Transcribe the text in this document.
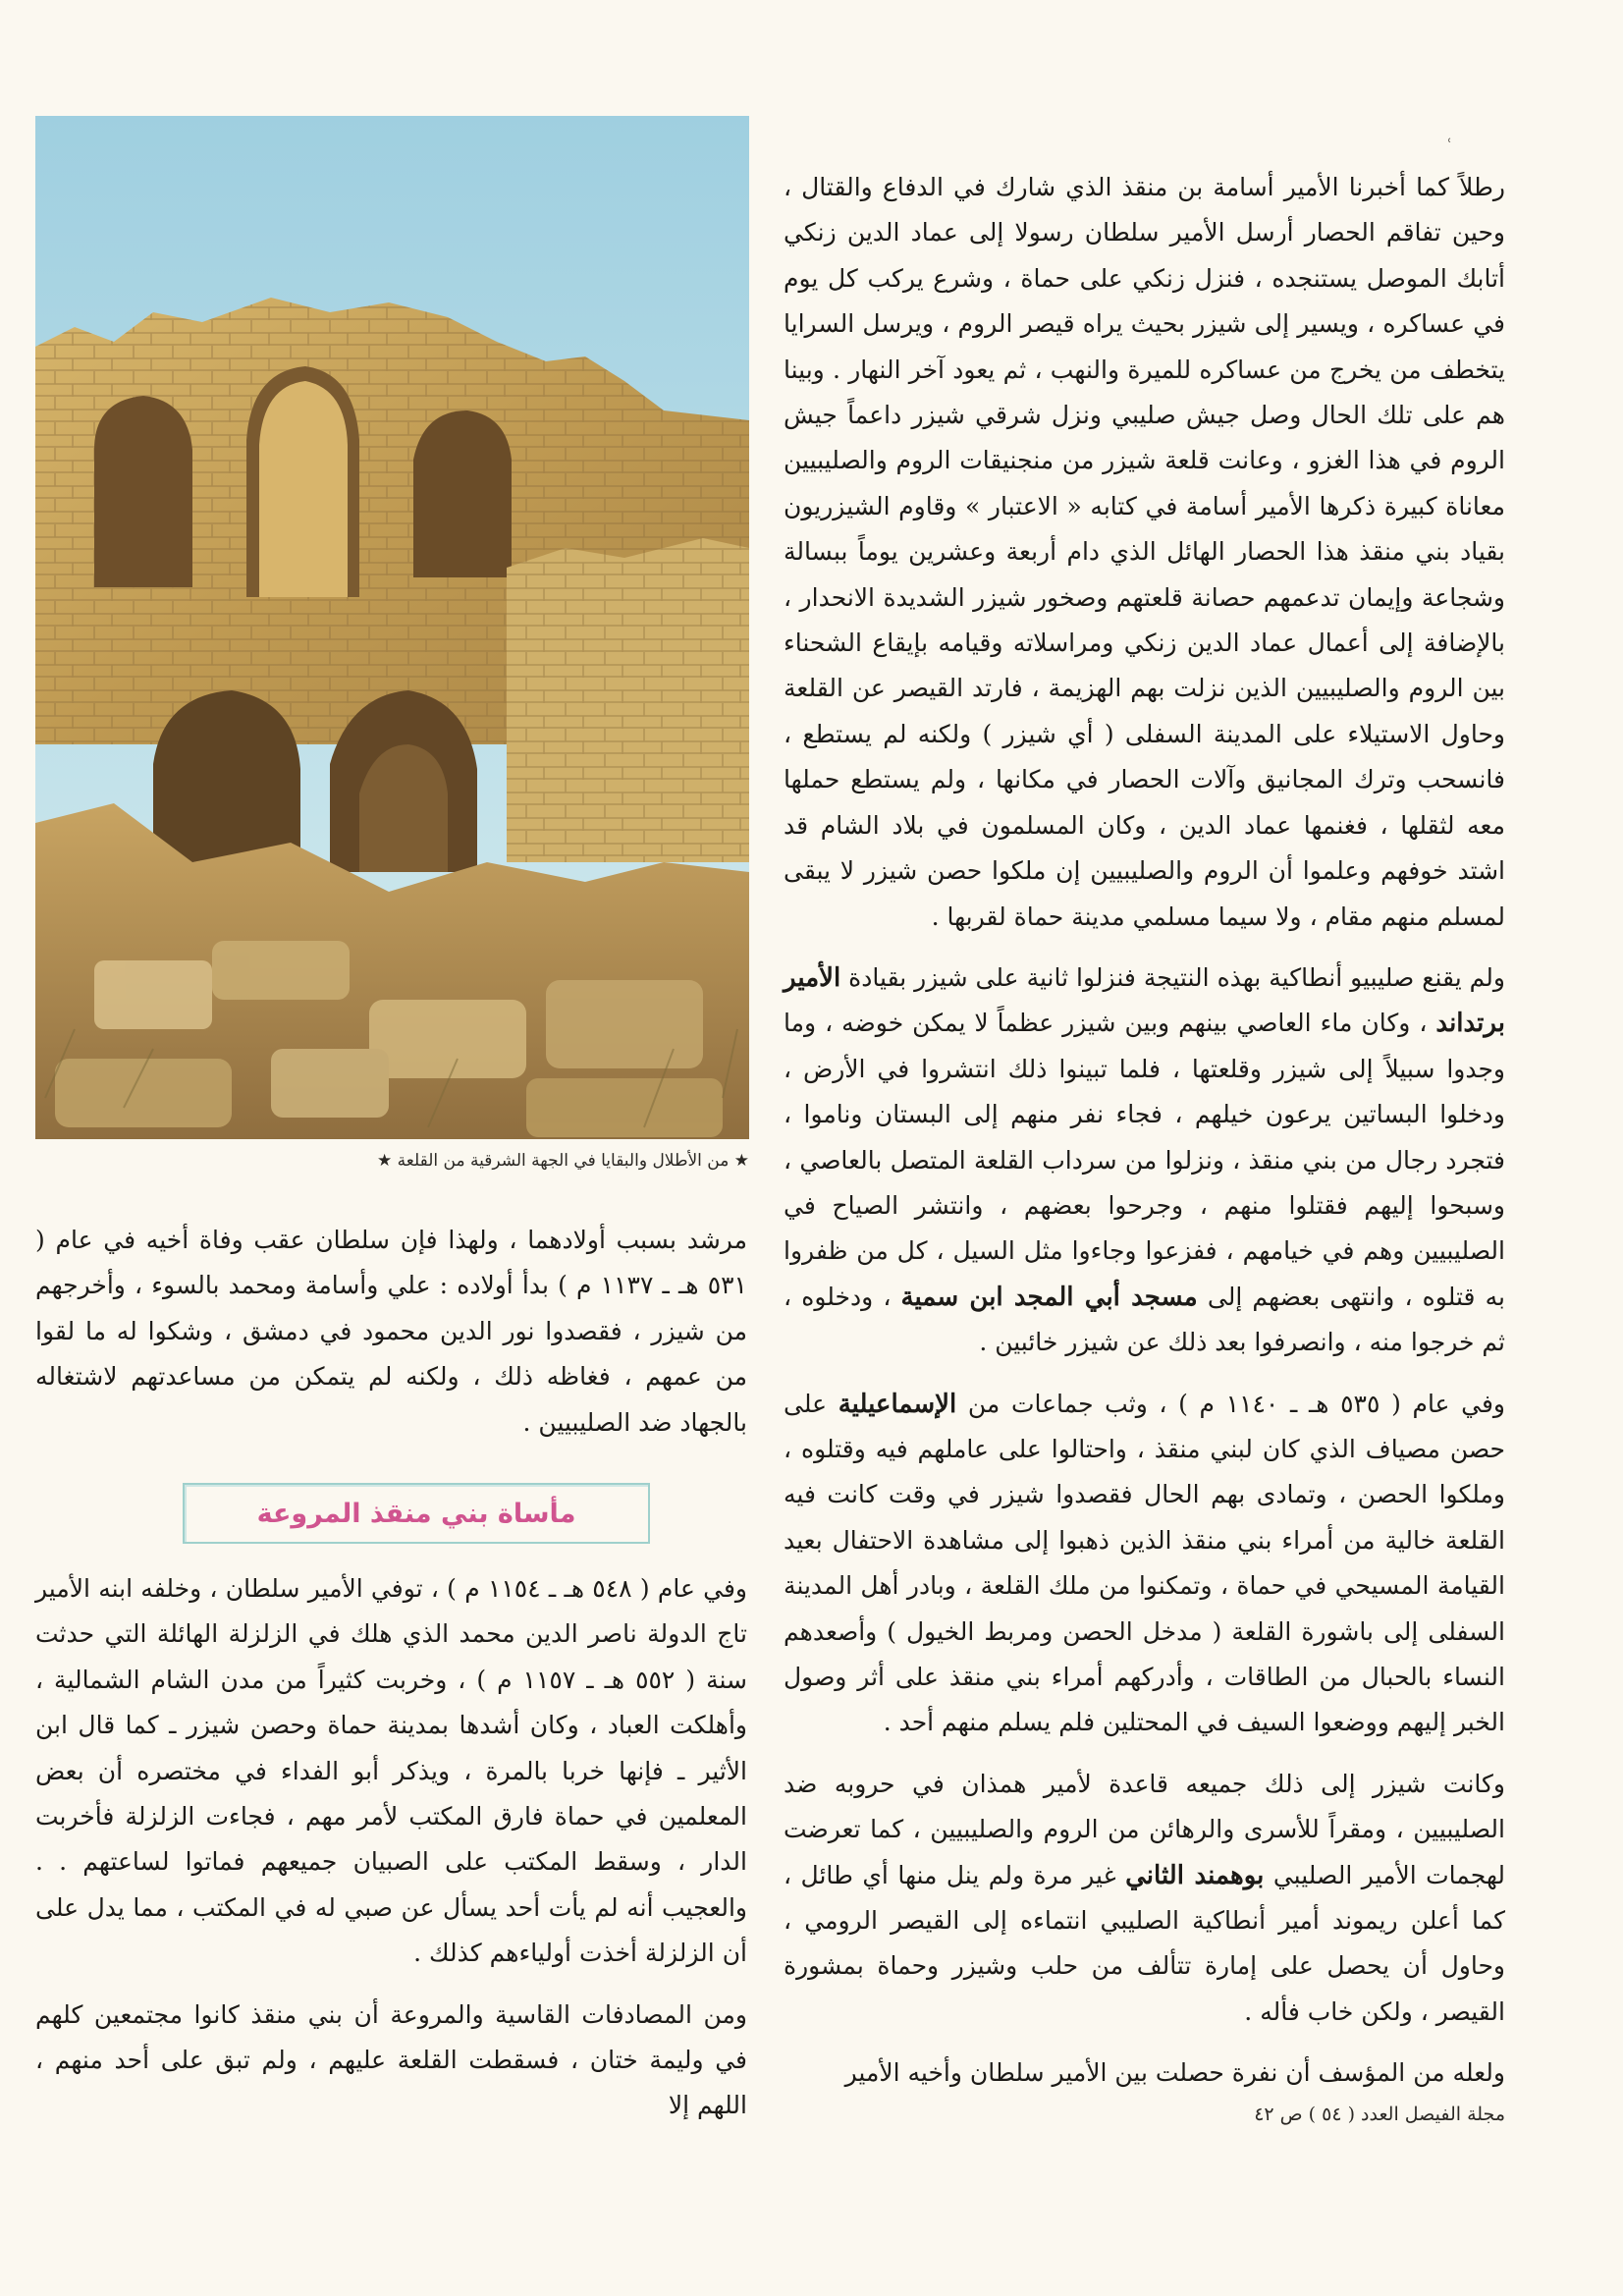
ʿ

رطلاً كما أخبرنا الأمير أسامة بن منقذ الذي شارك في الدفاع والقتال ، وحين تفاقم الحصار أرسل الأمير سلطان رسولا إلى عماد الدين زنكي أتابك الموصل يستنجده ، فنزل زنكي على حماة ، وشرع يركب كل يوم في عساكره ، ويسير إلى شيزر بحيث يراه قيصر الروم ، ويرسل السرايا يتخطف من يخرج من عساكره للميرة والنهب ، ثم يعود آخر النهار . وبينا هم على تلك الحال وصل جيش صليبي ونزل شرقي شيزر داعماً جيش الروم في هذا الغزو ، وعانت قلعة شيزر من منجنيقات الروم والصليبيين معاناة كبيرة ذكرها الأمير أسامة في كتابه « الاعتبار » وقاوم الشيزريون بقياد بني منقذ هذا الحصار الهائل الذي دام أربعة وعشرين يوماً ببسالة وشجاعة وإيمان تدعمهم حصانة قلعتهم وصخور شيزر الشديدة الانحدار ، بالإضافة إلى أعمال عماد الدين زنكي ومراسلاته وقيامه بإيقاع الشحناء بين الروم والصليبيين الذين نزلت بهم الهزيمة ، فارتد القيصر عن القلعة وحاول الاستيلاء على المدينة السفلى ( أي شيزر ) ولكنه لم يستطع ، فانسحب وترك المجانيق وآلات الحصار في مكانها ، ولم يستطع حملها معه لثقلها ، فغنمها عماد الدين ، وكان المسلمون في بلاد الشام قد اشتد خوفهم وعلموا أن الروم والصليبيين إن ملكوا حصن شيزر لا يبقى لمسلم منهم مقام ، ولا سيما مسلمي مدينة حماة لقربها .

ولم يقنع صليبيو أنطاكية بهذه النتيجة فنزلوا ثانية على شيزر بقيادة الأمير برتداند ، وكان ماء العاصي بينهم وبين شيزر عظماً لا يمكن خوضه ، وما وجدوا سبيلاً إلى شيزر وقلعتها ، فلما تبينوا ذلك انتشروا في الأرض ، ودخلوا البساتين يرعون خيلهم ، فجاء نفر منهم إلى البستان وناموا ، فتجرد رجال من بني منقذ ، ونزلوا من سرداب القلعة المتصل بالعاصي ، وسبحوا إليهم فقتلوا منهم ، وجرحوا بعضهم ، وانتشر الصياح في الصليبيين وهم في خيامهم ، ففزعوا وجاءوا مثل السيل ، كل من ظفروا به قتلوه ، وانتهى بعضهم إلى مسجد أبي المجد ابن سمية ، ودخلوه ، ثم خرجوا منه ، وانصرفوا بعد ذلك عن شيزر خائبين .

وفي عام ( ٥٣٥ هـ ـ ١١٤٠ م ) ، وثب جماعات من الإسماعيلية على حصن مصياف الذي كان لبني منقذ ، واحتالوا على عاملهم فيه وقتلوه ، وملكوا الحصن ، وتمادى بهم الحال فقصدوا شيزر في وقت كانت فيه القلعة خالية من أمراء بني منقذ الذين ذهبوا إلى مشاهدة الاحتفال بعيد القيامة المسيحي في حماة ، وتمكنوا من ملك القلعة ، وبادر أهل المدينة السفلى إلى باشورة القلعة ( مدخل الحصن ومربط الخيول ) وأصعدهم النساء بالحبال من الطاقات ، وأدركهم أمراء بني منقذ على أثر وصول الخبر إليهم ووضعوا السيف في المحتلين فلم يسلم منهم أحد .

وكانت شيزر إلى ذلك جميعه قاعدة لأمير همذان في حروبه ضد الصليبيين ، ومقراً للأسرى والرهائن من الروم والصليبيين ، كما تعرضت لهجمات الأمير الصليبي بوهمند الثاني غير مرة ولم ينل منها أي طائل ، كما أعلن ريموند أمير أنطاكية الصليبي انتماءه إلى القيصر الرومي ، وحاول أن يحصل على إمارة تتألف من حلب وشيزر وحماة بمشورة القيصر ، ولكن خاب فأله .

ولعله من المؤسف أن نفرة حصلت بين الأمير سلطان وأخيه الأمير

★ من الأطلال والبقايا في الجهة الشرقية من القلعة ★

مرشد بسبب أولادهما ، ولهذا فإن سلطان عقب وفاة أخيه في عام ( ٥٣١ هـ ـ ١١٣٧ م ) بدأ أولاده : علي وأسامة ومحمد بالسوء ، وأخرجهم من شيزر ، فقصدوا نور الدين محمود في دمشق ، وشكوا له ما لقوا من عمهم ، فغاظه ذلك ، ولكنه لم يتمكن من مساعدتهم لاشتغاله بالجهاد ضد الصليبيين .

مأساة بني منقذ المروعة

وفي عام ( ٥٤٨ هـ ـ ١١٥٤ م ) ، توفي الأمير سلطان ، وخلفه ابنه الأمير تاج الدولة ناصر الدين محمد الذي هلك في الزلزلة الهائلة التي حدثت سنة ( ٥٥٢ هـ ـ ١١٥٧ م ) ، وخربت كثيراً من مدن الشام الشمالية ، وأهلكت العباد ، وكان أشدها بمدينة حماة وحصن شيزر ـ كما قال ابن الأثير ـ فإنها خربا بالمرة ، ويذكر أبو الفداء في مختصره أن بعض المعلمين في حماة فارق المكتب لأمر مهم ، فجاءت الزلزلة فأخربت الدار ، وسقط المكتب على الصبيان جميعهم فماتوا لساعتهم . . والعجيب أنه لم يأت أحد يسأل عن صبي له في المكتب ، مما يدل على أن الزلزلة أخذت أولياءهم كذلك .

ومن المصادفات القاسية والمروعة أن بني منقذ كانوا مجتمعين كلهم في وليمة ختان ، فسقطت القلعة عليهم ، ولم تبق على أحد منهم ، اللهم إلا	مجلة الفيصل العدد ( ٥٤ ) ص ٤٢
